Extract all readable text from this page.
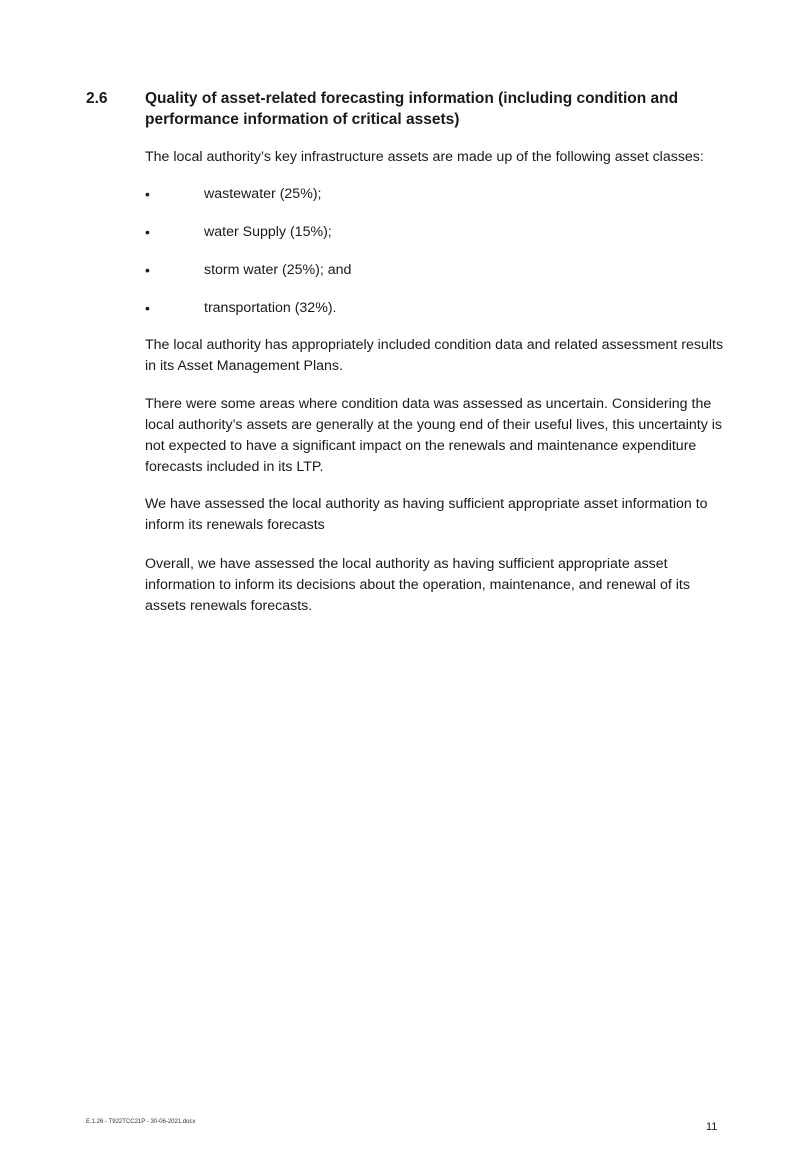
2.6 Quality of asset-related forecasting information (including condition and performance information of critical assets)
The local authority’s key infrastructure assets are made up of the following asset classes:
•	wastewater (25%);
•	water Supply (15%);
•	storm water (25%); and
•	transportation (32%).
The local authority has appropriately included condition data and related assessment results in its Asset Management Plans.
There were some areas where condition data was assessed as uncertain. Considering the local authority’s assets are generally at the young end of their useful lives, this uncertainty is not expected to have a significant impact on the renewals and maintenance expenditure forecasts included in its LTP.
We have assessed the local authority as having sufficient appropriate asset information to inform its renewals forecasts
Overall, we have assessed the local authority as having sufficient appropriate asset information to inform its decisions about the operation, maintenance, and renewal of its assets renewals forecasts.
E.1.26 - T922TCC21P - 30-06-2021.docx	11
